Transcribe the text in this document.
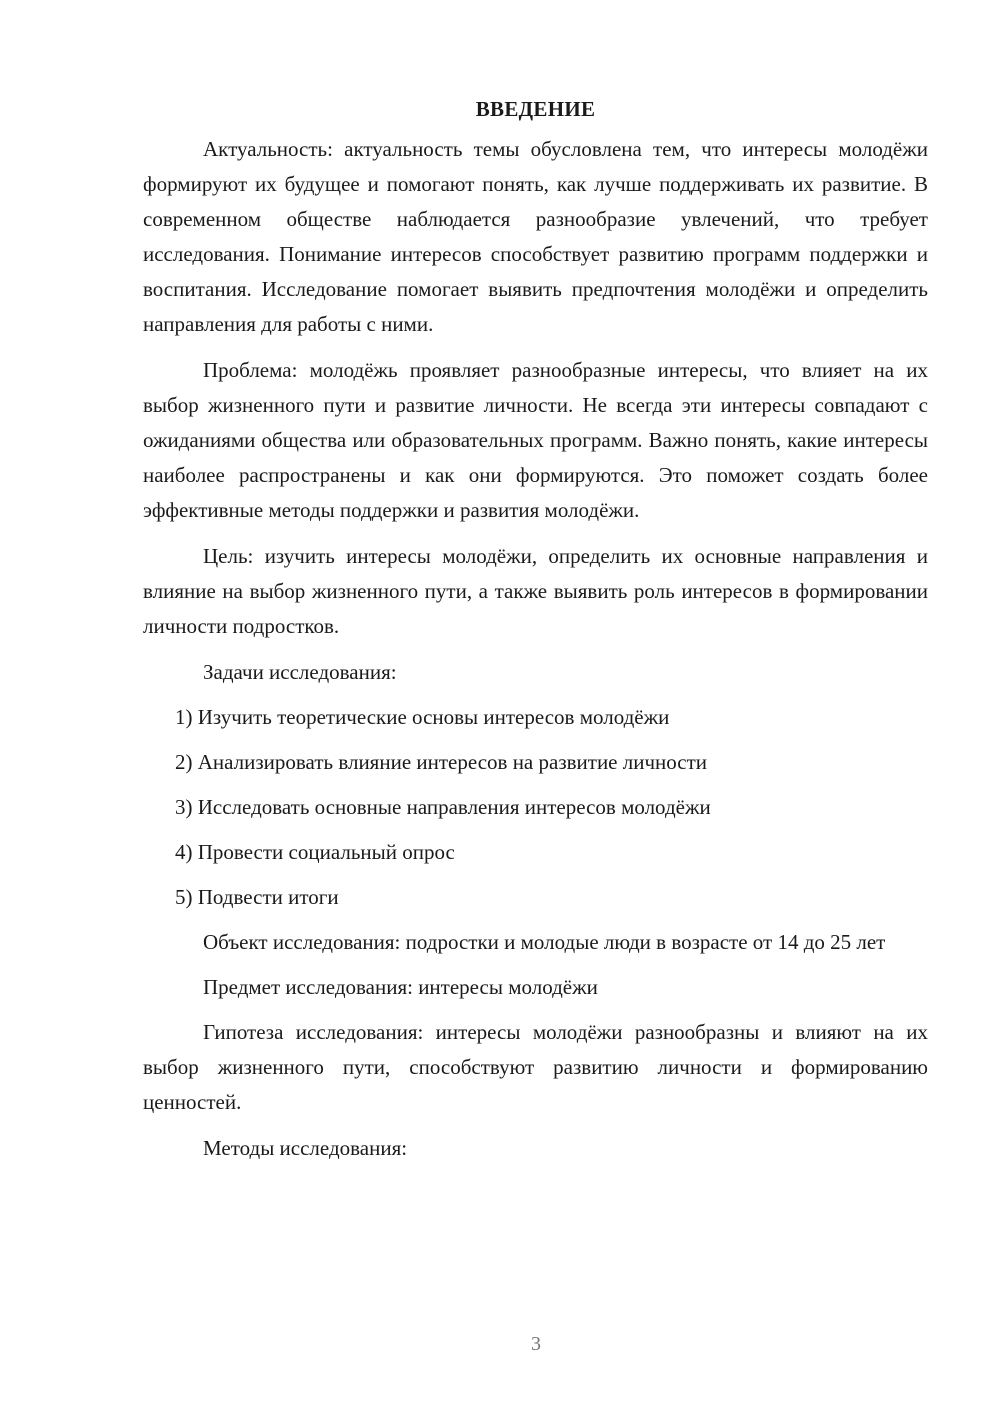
ВВЕДЕНИЕ

Актуальность: актуальность темы обусловлена тем, что интересы молодёжи формируют их будущее и помогают понять, как лучше поддерживать их развитие. В современном обществе наблюдается разнообразие увлечений, что требует исследования. Понимание интересов способствует развитию программ поддержки и воспитания. Исследование помогает выявить предпочтения молодёжи и определить направления для работы с ними.

Проблема: молодёжь проявляет разнообразные интересы, что влияет на их выбор жизненного пути и развитие личности. Не всегда эти интересы совпадают с ожиданиями общества или образовательных программ. Важно понять, какие интересы наиболее распространены и как они формируются. Это поможет создать более эффективные методы поддержки и развития молодёжи.

Цель: изучить интересы молодёжи, определить их основные направления и влияние на выбор жизненного пути, а также выявить роль интересов в формировании личности подростков.

Задачи исследования:
1) Изучить теоретические основы интересов молодёжи
2) Анализировать влияние интересов на развитие личности
3) Исследовать основные направления интересов молодёжи
4) Провести социальный опрос
5) Подвести итоги

Объект исследования: подростки и молодые люди в возрасте от 14 до 25 лет

Предмет исследования: интересы молодёжи

Гипотеза исследования: интересы молодёжи разнообразны и влияют на их выбор жизненного пути, способствуют развитию личности и формированию ценностей.

Методы исследования:
3
